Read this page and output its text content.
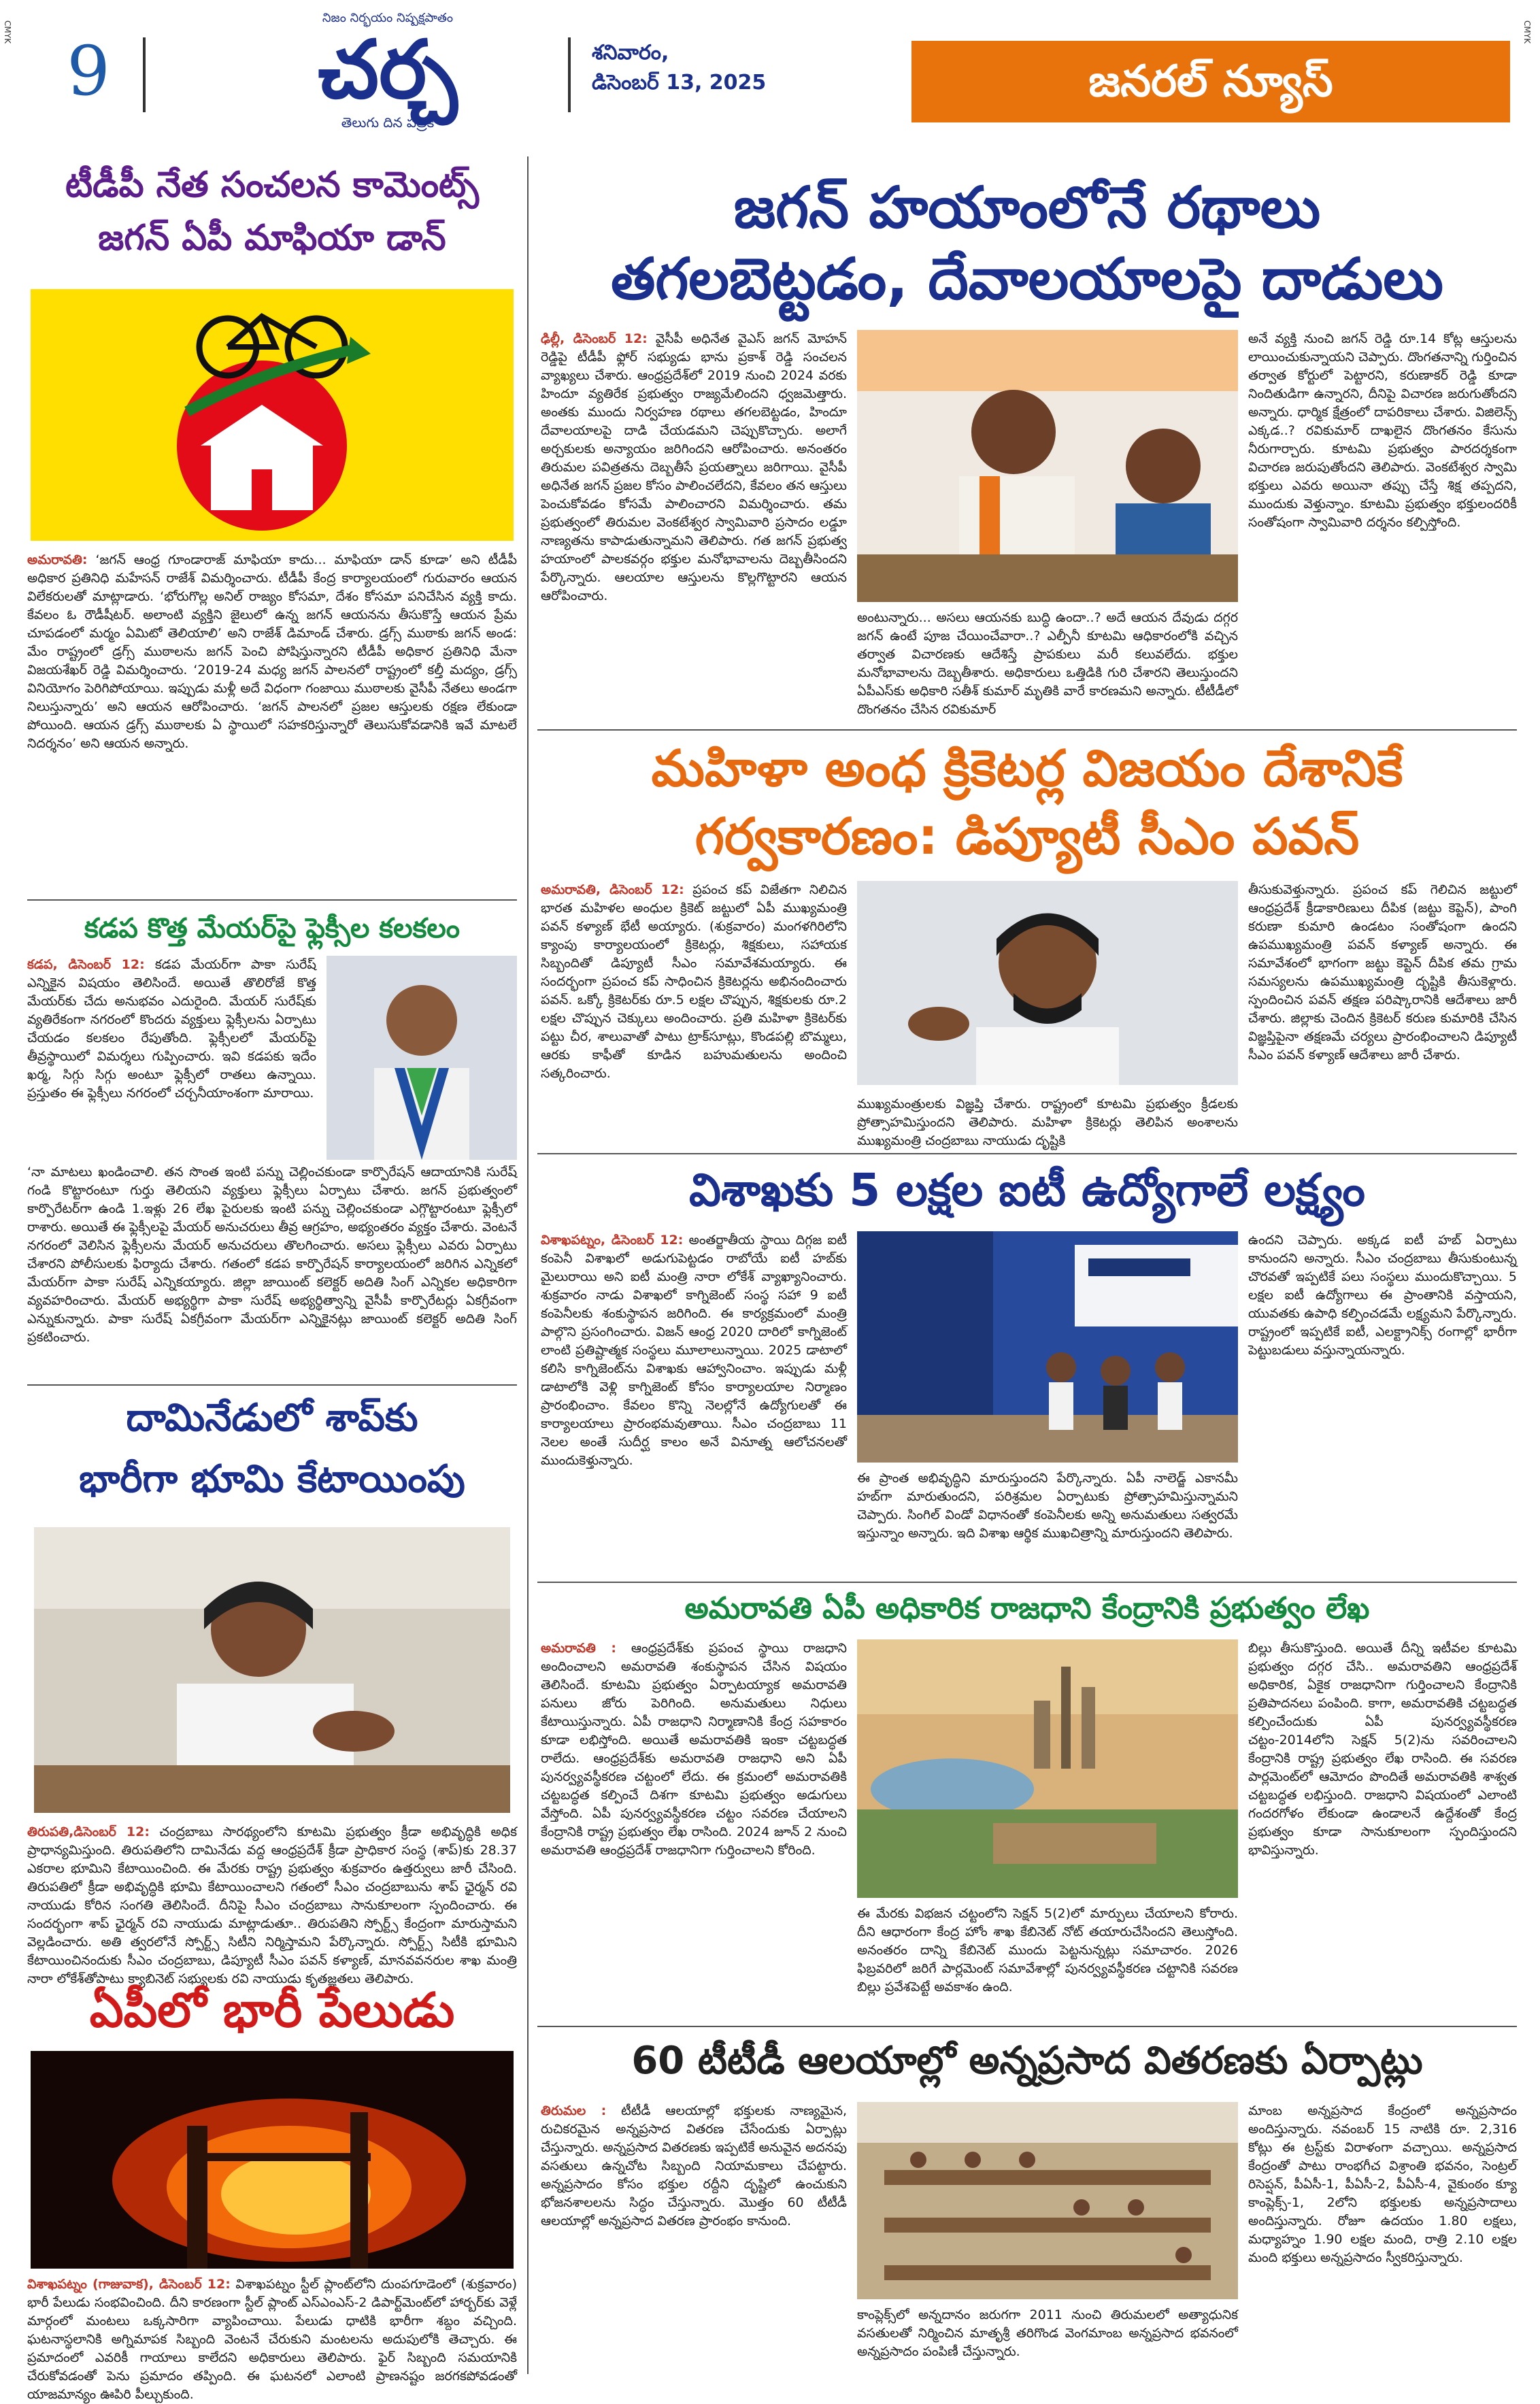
CMYK	CMYK
9
నిజం నిర్భయం నిష్పక్షపాతం
చర్చ
తెలుగు దిన పత్రిక
శనివారం,
డిసెంబర్ 13, 2025	జనరల్ న్యూస్
టీడీపీ నేత సంచలన కామెంట్స్
జగన్ ఏపీ మాఫియా డాన్
అమరావతి: ‘జగన్ ఆంధ్ర గూండారాజ్ మాఫియా కాదు... మాఫియా డాన్ కూడా’ అని టీడీపీ అధికార ప్రతినిధి మహేసన్ రాజేశ్ విమర్శించారు. టీడీపీ కేంద్ర కార్యాలయంలో గురువారం ఆయన విలేకరులతో మాట్లాడారు. ‘భోరుగొల్ల అనిల్ రాజ్యం కోసమా, దేశం కోసమా పనిచేసిన వ్యక్తి కాదు. కేవలం ఓ రౌడీషీటర్. అలాంటి వ్యక్తిని జైలులో ఉన్న జగన్ ఆయనను తీసుకొస్తే ఆయన ప్రేమ చూపడంలో మర్మం ఏమిటో తెలియాలి’ అని రాజేశ్ డిమాండ్ చేశారు. డ్రగ్స్ ముఠాకు జగన్ అండ: మేం రాష్ట్రంలో డ్రగ్స్ ముఠాలను జగన్ పెంచి పోషిస్తున్నారని టీడీపీ అధికార ప్రతినిధి మేనా విజయశేఖర్ రెడ్డి విమర్శించారు. ‘2019-24 మధ్య జగన్ పాలనలో రాష్ట్రంలో కల్తీ మద్యం, డ్రగ్స్ వినియోగం పెరిగిపోయాయి. ఇప్పుడు మళ్లీ అదే విధంగా గంజాయి ముఠాలకు వైసీపీ నేతలు అండగా నిలుస్తున్నారు’ అని ఆయన ఆరోపించారు. ‘జగన్ పాలనలో ప్రజల ఆస్తులకు రక్షణ లేకుండా పోయింది. ఆయన డ్రగ్స్ ముఠాలకు ఏ స్థాయిలో సహకరిస్తున్నారో తెలుసుకోవడానికి ఇవే మాటలే నిదర్శనం’ అని ఆయన అన్నారు.
కడప కొత్త మేయర్‌పై ఫ్లెక్సీల కలకలం
కడప, డిసెంబర్ 12: కడప మేయర్‌గా పాకా సురేష్ ఎన్నికైన విషయం తెలిసిందే. అయితే తొలిరోజే కొత్త మేయర్‌కు చేదు అనుభవం ఎదురైంది. మేయర్ సురేష్‌కు వ్యతిరేకంగా నగరంలో కొందరు వ్యక్తులు ఫ్లెక్సీలను ఏర్పాటు చేయడం కలకలం రేపుతోంది. ఫ్లెక్సీలలో మేయర్‌పై తీవ్రస్థాయిలో విమర్శలు గుప్పించారు. ఇవి కడపకు ఇదేం ఖర్మ, సిగ్గు సిగ్గు అంటూ ఫ్లెక్సీలో రాతలు ఉన్నాయి. ప్రస్తుతం ఈ ఫ్లెక్సీలు నగరంలో చర్చనీయాంశంగా మారాయి.
‘నా మాటలు ఖండించాలి. తన సొంత ఇంటి పన్ను చెల్లించకుండా కార్పొరేషన్ ఆదాయానికి సురేష్ గండి కొట్టారంటూ గుర్తు తెలియని వ్యక్తులు ఫ్లెక్సీలు ఏర్పాటు చేశారు. జగన్ ప్రభుత్వంలో కార్పొరేటర్‌గా ఉండి 1.ఇళ్లు 26 లేఖ పైరులకు ఇంటి పన్ను చెల్లించకుండా ఎగ్గొట్టారంటూ ఫ్లెక్సీలో రాశారు. అయితే ఈ ఫ్లెక్సీలపై మేయర్ అనుచరులు తీవ్ర ఆగ్రహం, అభ్యంతరం వ్యక్తం చేశారు. వెంటనే నగరంలో వెలిసిన ఫ్లెక్సీలను మేయర్ అనుచరులు తొలగించారు. అసలు ఫ్లెక్సీలు ఎవరు ఏర్పాటు చేశారని పోలీసులకు ఫిర్యాదు చేశారు. గతంలో కడప కార్పొరేషన్ కార్యాలయంలో జరిగిన ఎన్నికలో మేయర్‌గా పాకా సురేష్ ఎన్నికయ్యారు. జిల్లా జాయింట్ కలెక్టర్ అదితి సింగ్ ఎన్నికల అధికారిగా వ్యవహరించారు. మేయర్ అభ్యర్థిగా పాకా సురేష్ అభ్యర్థిత్వాన్ని వైసీపీ కార్పొరేటర్లు ఏకగ్రీవంగా ఎన్నుకున్నారు. పాకా సురేష్ ఏకగ్రీవంగా మేయర్‌గా ఎన్నికైనట్లు జాయింట్ కలెక్టర్ అదితి సింగ్ ప్రకటించారు.
దామినేడులో శాప్‌కు
భారీగా భూమి కేటాయింపు
తిరుపతి,డిసెంబర్ 12: చంద్రబాబు సారథ్యంలోని కూటమి ప్రభుత్వం క్రీడా అభివృద్ధికి అధిక ప్రాధాన్యమిస్తుంది. తిరుపతిలోని దామినేడు వద్ద ఆంధ్రప్రదేశ్ క్రీడా ప్రాధికార సంస్థ (శాప్)కు 28.37 ఎకరాల భూమిని కేటాయించింది. ఈ మేరకు రాష్ట్ర ప్రభుత్వం శుక్రవారం ఉత్తర్వులు జారీ చేసింది. తిరుపతిలో క్రీడా అభివృద్ధికి భూమి కేటాయించాలని గతంలో సీఎం చంద్రబాబును శాప్ ఛైర్మన్ రవి నాయుడు కోరిన సంగతి తెలిసిందే. దీనిపై సీఎం చంద్రబాబు సానుకూలంగా స్పందించారు. ఈ సందర్భంగా శాప్ ఛైర్మన్ రవి నాయుడు మాట్లాడుతూ.. తిరుపతిని స్పోర్ట్స్ కేంద్రంగా మారుస్తామని వెల్లడించారు. అతి త్వరలోనే స్పోర్ట్స్ సిటీని నిర్మిస్తామని పేర్కొన్నారు. స్పోర్ట్స్ సిటీకి భూమిని కేటాయించినందుకు సీఎం చంద్రబాబు, డిప్యూటీ సీఎం పవన్ కళ్యాణ్, మానవవనరుల శాఖ మంత్రి నారా లోకేశ్‌తోపాటు క్యాబినెట్ సభ్యులకు రవి నాయుడు కృతజ్ఞతలు తెలిపారు.
ఏపీలో భారీ పేలుడు
విశాఖపట్నం (గాజువాక), డిసెంబర్ 12: విశాఖపట్నం స్టీల్ ప్లాంట్‌లోని దుంపగూడెంలో (శుక్రవారం) భారీ పేలుడు సంభవించింది. దీని కారణంగా స్టీల్ ప్లాంట్ ఎస్ఎంఎస్-2 డిపార్ట్‌మెంట్‌లో హార్బర్‌కు వెళ్లే మార్గంలో మంటలు ఒక్కసారిగా వ్యాపించాయి. పేలుడు ధాటికి భారీగా శబ్దం వచ్చింది. ఘటనాస్థలానికి అగ్నిమాపక సిబ్బంది వెంటనే చేరుకుని మంటలను అదుపులోకి తెచ్చారు. ఈ ప్రమాదంలో ఎవరికీ గాయాలు కాలేదని అధికారులు తెలిపారు. ఫైర్ సిబ్బంది సమయానికి చేరుకోవడంతో పెను ప్రమాదం తప్పింది. ఈ ఘటనలో ఎలాంటి ప్రాణనష్టం జరగకపోవడంతో యాజమాన్యం ఊపిరి పీల్చుకుంది.
జగన్ హయాంలోనే రథాలు
తగలబెట్టడం, దేవాలయాలపై దాడులు
ఢిల్లీ, డిసెంబర్ 12: వైసీపీ అధినేత వైఎస్ జగన్ మోహన్ రెడ్డిపై టీడీపీ ఫ్లోర్ సభ్యుడు భాను ప్రకాశ్ రెడ్డి సంచలన వ్యాఖ్యలు చేశారు. ఆంధ్రప్రదేశ్‌లో 2019 నుంచి 2024 వరకు హిందూ వ్యతిరేక ప్రభుత్వం రాజ్యమేలిందని ధ్వజమెత్తారు. అంతకు ముందు నిర్వహణ రథాలు తగలబెట్టడం, హిందూ దేవాలయాలపై దాడి చేయడమని చెప్పుకొచ్చారు. అలాగే అర్చకులకు అన్యాయం జరిగిందని ఆరోపించారు. అనంతరం తిరుమల పవిత్రతను దెబ్బతీసే ప్రయత్నాలు జరిగాయి. వైసీపీ అధినేత జగన్ ప్రజల కోసం పాలించలేదని, కేవలం తన ఆస్తులు పెంచుకోవడం కోసమే పాలించారని విమర్శించారు. తమ ప్రభుత్వంలో తిరుమల వెంకటేశ్వర స్వామివారి ప్రసాదం లడ్డూ నాణ్యతను కాపాడుతున్నామని తెలిపారు. గత జగన్ ప్రభుత్వ హయాంలో పాలకవర్గం భక్తుల మనోభావాలను దెబ్బతీసిందని పేర్కొన్నారు. ఆలయాల ఆస్తులను కొల్లగొట్టారని ఆయన ఆరోపించారు.
అంటున్నారు... అసలు ఆయనకు బుద్ధి ఉందా..? అదే ఆయన దేవుడు దగ్గర జగన్ ఉంటే పూజ చేయించేవారా..? ఎల్పీనీ కూటమి ఆధికారంలోకి వచ్చిన తర్వాత విచారణకు ఆదేశిస్తే ప్రాపకులు మరీ కలువలేదు. భక్తుల మనోభావాలను దెబ్బతీశారు. అధికారులు ఒత్తిడికి గురి చేశారని తెలుస్తుందని ఏపీఎస్‌కు అధికారి సతీశ్ కుమార్ మృతికి వారే కారణమని అన్నారు. టీటీడీలో దొంగతనం చేసిన రవికుమార్
అనే వ్యక్తి నుంచి జగన్ రెడ్డి రూ.14 కోట్ల ఆస్తులను లాయించుకున్నాయని చెప్పారు. దొంగతనాన్ని గుర్తించిన తర్వాత కోర్టులో పెట్టారని, కరుణాకర్ రెడ్డి కూడా నిందితుడిగా ఉన్నారని, దీనిపై విచారణ జరుగుతోందని అన్నారు. ధార్మిక క్షేత్రంలో దాపరికాలు చేశారు. విజిలెన్స్ ఎక్కడ..? రవికుమార్ దాఖలైన దొంగతనం కేసును నీరుగార్చారు. కూటమి ప్రభుత్వం పారదర్శకంగా విచారణ జరుపుతోందని తెలిపారు. వెంకటేశ్వర స్వామి భక్తులు ఎవరు అయినా తప్పు చేస్తే శిక్ష తప్పదని, ముందుకు వెళ్తున్నాం. కూటమి ప్రభుత్వం భక్తులందరికీ సంతోషంగా స్వామివారి దర్శనం కల్పిస్తోంది.
మహిళా అంధ క్రికెటర్ల విజయం దేశానికే
గర్వకారణం: డిప్యూటీ సీఎం పవన్
అమరావతి, డిసెంబర్ 12: ప్రపంచ కప్ విజేతగా నిలిచిన భారత మహిళల అంధుల క్రికెట్ జట్టులో ఏపీ ముఖ్యమంత్రి పవన్ కళ్యాణ్ భేటీ అయ్యారు. (శుక్రవారం) మంగళగిరిలోని క్యాంపు కార్యాలయంలో క్రికెటర్లు, శిక్షకులు, సహాయక సిబ్బందితో డిప్యూటీ సీఎం సమావేశమయ్యారు. ఈ సందర్భంగా ప్రపంచ కప్ సాధించిన క్రికెటర్లను అభినందించారు పవన్. ఒక్కో క్రికెటర్‌కు రూ.5 లక్షల చొప్పున, శిక్షకులకు రూ.2 లక్షల చొప్పున చెక్కులు అందించారు. ప్రతి మహిళా క్రికెటర్‌కు పట్టు చీర, శాలువాతో పాటు ట్రాక్‌సూట్లు, కొండపల్లి బొమ్మలు, ఆరకు కాఫీతో కూడిన బహుమతులను అందించి సత్కరించారు.
ముఖ్యమంత్రులకు విజ్ఞప్తి చేశారు. రాష్ట్రంలో కూటమి ప్రభుత్వం క్రీడలకు ప్రోత్సాహమిస్తుందని తెలిపారు. మహిళా క్రికెటర్లు తెలిపిన అంశాలను ముఖ్యమంత్రి చంద్రబాబు నాయుడు దృష్టికి
తీసుకువెళ్తున్నారు. ప్రపంచ కప్ గెలిచిన జట్టులో ఆంధ్రప్రదేశ్ క్రీడాకారిణులు దీపిక (జట్టు కెప్టెన్), పాంగి కరుణా కుమారి ఉండటం సంతోషంగా ఉందని ఉపముఖ్యమంత్రి పవన్ కళ్యాణ్ అన్నారు. ఈ సమావేశంలో భాగంగా జట్టు కెప్టెన్ దీపిక తమ గ్రామ సమస్యలను ఉపముఖ్యమంత్రి దృష్టికి తీసుకెళ్లారు. స్పందించిన పవన్ తక్షణ పరిష్కారానికి ఆదేశాలు జారీ చేశారు. జిల్లాకు చెందిన క్రికెటర్ కరుణ కుమారికి చేసిన విజ్ఞప్తిపైనా తక్షణమే చర్యలు ప్రారంభించాలని డిప్యూటీ సీఎం పవన్ కళ్యాణ్ ఆదేశాలు జారీ చేశారు.
విశాఖకు 5 లక్షల ఐటీ ఉద్యోగాలే లక్ష్యం
విశాఖపట్నం, డిసెంబర్ 12: అంతర్జాతీయ స్థాయి దిగ్గజ ఐటీ కంపెనీ విశాఖలో అడుగుపెట్టడం రాబోయే ఐటీ హబ్‌కు మైలురాయి అని ఐటీ మంత్రి నారా లోకేశ్ వ్యాఖ్యానించారు. శుక్రవారం నాడు విశాఖలో కాగ్నిజెంట్ సంస్థ సహా 9 ఐటీ కంపెనీలకు శంకుస్థాపన జరిగింది. ఈ కార్యక్రమంలో మంత్రి పాల్గొని ప్రసంగించారు. విజన్ ఆంధ్ర 2020 దారిలో కాగ్నిజెంట్ లాంటి ప్రతిష్టాత్మక సంస్థలు మూలాలున్నాయి. 2025 డాటాలో కలిసి కాగ్నిజెంట్‌ను విశాఖకు ఆహ్వానించాం. ఇప్పుడు మళ్లీ డాటాలోకి వెళ్లి కాగ్నిజెంట్ కోసం కార్యాలయాల నిర్మాణం ప్రారంభించాం. కేవలం కొన్ని నెలల్లోనే ఉద్యోగులతో ఈ కార్యాలయాలు ప్రారంభమవుతాయి. సీఎం చంద్రబాబు 11 నెలల అంతే సుదీర్ఘ కాలం అనే వినూత్న ఆలోచనలతో ముందుకెళ్తున్నారు.
ఈ ప్రాంత అభివృద్ధిని మారుస్తుందని పేర్కొన్నారు. ఏపీ నాలెడ్జ్ ఎకానమీ హబ్‌గా మారుతుందని, పరిశ్రమల ఏర్పాటుకు ప్రోత్సాహమిస్తున్నామని చెప్పారు. సింగిల్ విండో విధానంతో కంపెనీలకు అన్ని అనుమతులు సత్వరమే ఇస్తున్నాం అన్నారు. ఇది విశాఖ ఆర్థిక ముఖచిత్రాన్ని మారుస్తుందని తెలిపారు.
ఉందని చెప్పారు. అక్కడ ఐటీ హబ్ ఏర్పాటు కానుందని అన్నారు. సీఎం చంద్రబాబు తీసుకుంటున్న చొరవతో ఇప్పటికే పలు సంస్థలు ముందుకొచ్చాయి. 5 లక్షల ఐటీ ఉద్యోగాలు ఈ ప్రాంతానికి వస్తాయని, యువతకు ఉపాధి కల్పించడమే లక్ష్యమని పేర్కొన్నారు. రాష్ట్రంలో ఇప్పటికే ఐటీ, ఎలక్ట్రానిక్స్ రంగాల్లో భారీగా పెట్టుబడులు వస్తున్నాయన్నారు.
అమరావతి ఏపీ అధికారిక రాజధాని కేంద్రానికి ప్రభుత్వం లేఖ
అమరావతి : ఆంధ్రప్రదేశ్‌కు ప్రపంచ స్థాయి రాజధాని అందించాలని అమరావతి శంకుస్థాపన చేసిన విషయం తెలిసిందే. కూటమి ప్రభుత్వం ఏర్పాటయ్యాక అమరావతి పనులు జోరు పెరిగింది. అనుమతులు నిధులు కేటాయిస్తున్నారు. ఏపీ రాజధాని నిర్మాణానికి కేంద్ర సహకారం కూడా లభిస్తోంది. అయితే అమరావతికి ఇంకా చట్టబద్ధత రాలేదు. ఆంధ్రప్రదేశ్‌కు అమరావతి రాజధాని అని ఏపీ పునర్వ్యవస్థీకరణ చట్టంలో లేదు. ఈ క్రమంలో అమరావతికి చట్టబద్ధత కల్పించే దిశగా కూటమి ప్రభుత్వం అడుగులు వేస్తోంది. ఏపీ పునర్వ్యవస్థీకరణ చట్టం సవరణ చేయాలని కేంద్రానికి రాష్ట్ర ప్రభుత్వం లేఖ రాసింది. 2024 జూన్ 2 నుంచి అమరావతి ఆంధ్రప్రదేశ్ రాజధానిగా గుర్తించాలని కోరింది.
ఈ మేరకు విభజన చట్టంలోని సెక్షన్ 5(2)లో మార్పులు చేయాలని కోరారు. దీని ఆధారంగా కేంద్ర హోం శాఖ కేబినెట్ నోట్ తయారుచేసిందని తెలుస్తోంది. అనంతరం దాన్ని కేబినెట్ ముందు పెట్టనున్నట్లు సమాచారం. 2026 ఫిబ్రవరిలో జరిగే పార్లమెంట్ సమావేశాల్లో పునర్వ్యవస్థీకరణ చట్టానికి సవరణ బిల్లు ప్రవేశపెట్టే అవకాశం ఉంది.
బిల్లు తీసుకొస్తుంది. అయితే దీన్ని ఇటీవల కూటమి ప్రభుత్వం దగ్గర చేసి.. అమరావతిని ఆంధ్రప్రదేశ్ అధికారిక, ఏకైక రాజధానిగా గుర్తించాలని కేంద్రానికి ప్రతిపాదనలు పంపింది. కాగా, అమరావతికి చట్టబద్ధత కల్పించేందుకు ఏపీ పునర్వ్యవస్థీకరణ చట్టం-2014లోని సెక్షన్ 5(2)ను సవరించాలని కేంద్రానికి రాష్ట్ర ప్రభుత్వం లేఖ రాసింది. ఈ సవరణ పార్లమెంట్‌లో ఆమోదం పొందితే అమరావతికి శాశ్వత చట్టబద్ధత లభిస్తుంది. రాజధాని విషయంలో ఎలాంటి గందరగోళం లేకుండా ఉండాలనే ఉద్దేశంతో కేంద్ర ప్రభుత్వం కూడా సానుకూలంగా స్పందిస్తుందని భావిస్తున్నారు.
60 టీటీడీ ఆలయాల్లో అన్నప్రసాద వితరణకు ఏర్పాట్లు
తిరుమల : టీటీడీ ఆలయాల్లో భక్తులకు నాణ్యమైన, రుచికరమైన అన్నప్రసాద వితరణ చేసేందుకు ఏర్పాట్లు చేస్తున్నారు. అన్నప్రసాద వితరణకు ఇప్పటికే అనువైన అదనపు వసతులు ఉన్నచోట సిబ్బంది నియామకాలు చేపట్టారు. అన్నప్రసాదం కోసం భక్తుల రద్దీని దృష్టిలో ఉంచుకుని భోజనశాలలను సిద్ధం చేస్తున్నారు. మొత్తం 60 టీటీడీ ఆలయాల్లో అన్నప్రసాద వితరణ ప్రారంభం కానుంది.
కాంప్లెక్స్‌లో అన్నదానం జరుగగా 2011 నుంచి తిరుమలలో అత్యాధునిక వసతులతో నిర్మించిన మాతృశ్రీ తరిగొండ వెంగమాంబ అన్నప్రసాద భవనంలో అన్నప్రసాదం పంపిణీ చేస్తున్నారు.
మాంబ అన్నప్రసాద కేంద్రంలో అన్నప్రసాదం అందిస్తున్నారు. నవంబర్ 15 నాటికి రూ. 2,316 కోట్లు ఈ ట్రస్ట్‌కు విరాళంగా వచ్చాయి. అన్నప్రసాద కేంద్రంతో పాటు రాంభగీచ విశ్రాంతి భవనం, సెంట్రల్ రిసెప్షన్, పీఏసీ-1, పీఏసీ-2, పీఏసీ-4, వైకుంఠం క్యూ కాంప్లెక్స్-1, 2లోని భక్తులకు అన్నప్రసాదాలు అందిస్తున్నారు. రోజూ ఉదయం 1.80 లక్షలు, మధ్యాహ్నం 1.90 లక్షల మంది, రాత్రి 2.10 లక్షల మంది భక్తులు అన్నప్రసాదం స్వీకరిస్తున్నారు.
